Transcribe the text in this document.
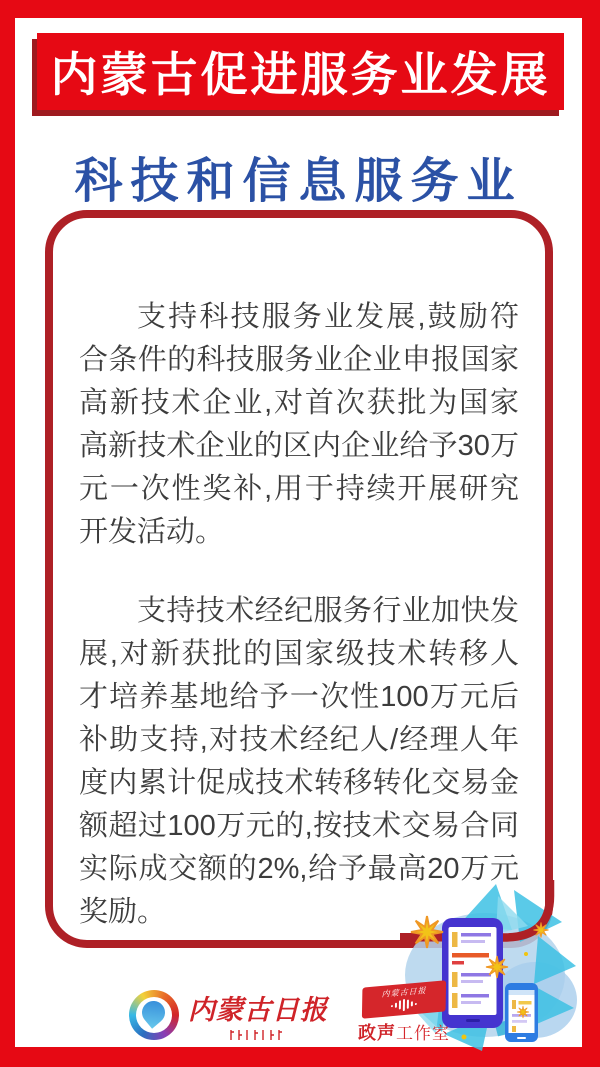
内蒙古促进服务业发展
科技和信息服务业

支持科技服务业发展,鼓励符合条件的科技服务业企业申报国家高新技术企业,对首次获批为国家高新技术企业的区内企业给予30万元一次性奖补,用于持续开展研究开发活动。

支持技术经纪服务行业加快发展,对新获批的国家级技术转移人才培养基地给予一次性100万元后补助支持,对技术经纪人/经理人年度内累计促成技术转移转化交易金额超过100万元的,按技术交易合同实际成交额的2%,给予最高20万元奖励。

内蒙古日报
内蒙古日报
政声 工作室
